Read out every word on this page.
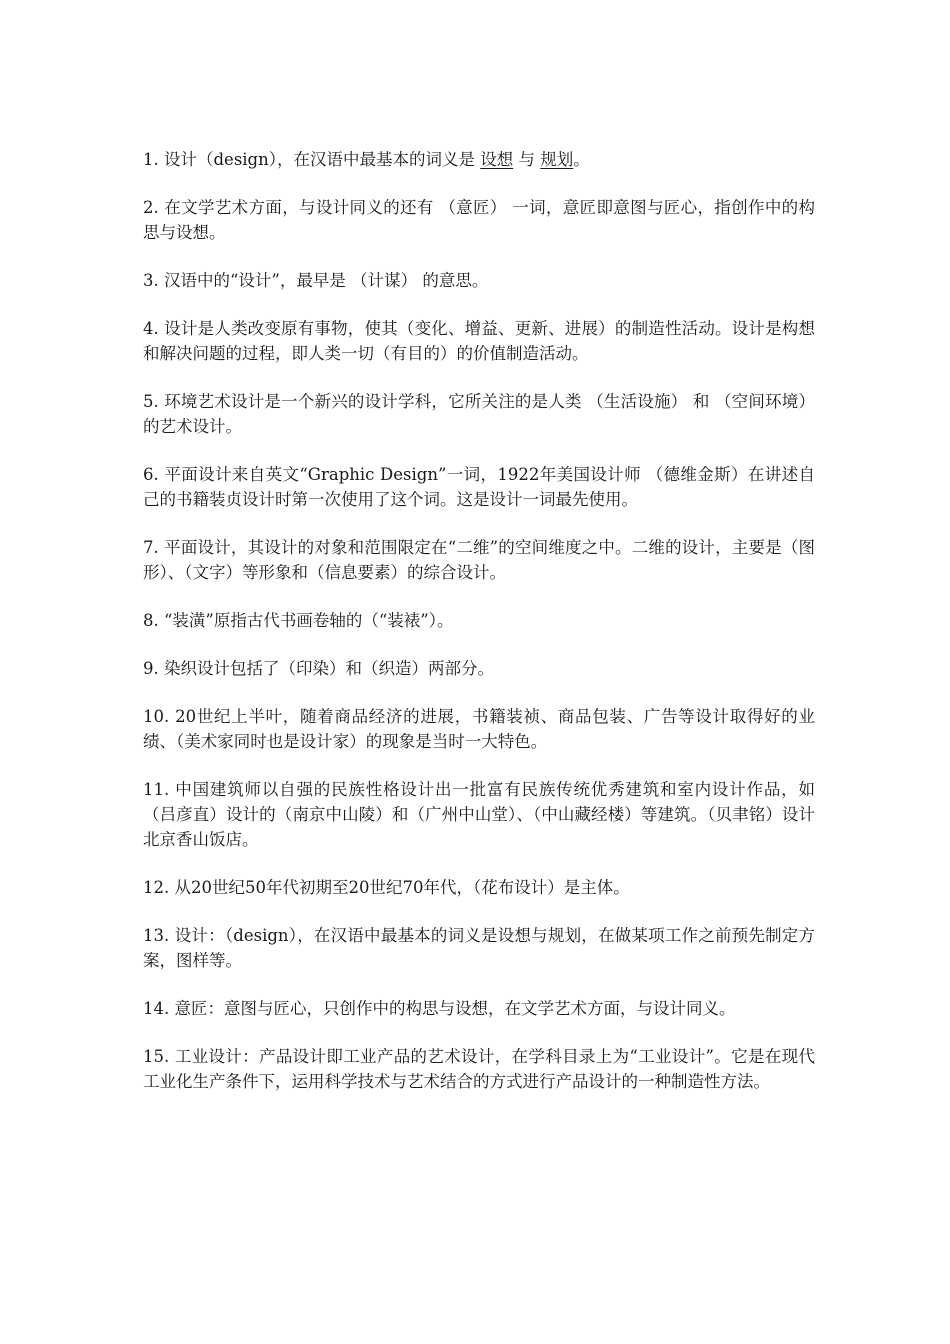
1. 设计（design），在汉语中最基本的词义是 设想 与 规划。

2. 在文学艺术方面，与设计同义的还有 （意匠） 一词，意匠即意图与匠心，指创作中的构思与设想。

3. 汉语中的“设计”，最早是 （计谋） 的意思。

4. 设计是人类改变原有事物，使其（变化、增益、更新、进展）的制造性活动。设计是构想和解决问题的过程，即人类一切（有目的）的价值制造活动。

5. 环境艺术设计是一个新兴的设计学科，它所关注的是人类 （生活设施） 和 （空间环境）的艺术设计。

6. 平面设计来自英文“Graphic Design”一词，1922年美国设计师 （德维金斯）在讲述自己的书籍装贞设计时第一次使用了这个词。这是设计一词最先使用。

7. 平面设计，其设计的对象和范围限定在“二维”的空间维度之中。二维的设计，主要是（图形）、（文字）等形象和（信息要素）的综合设计。

8. “装潢”原指古代书画卷轴的（“装裱”）。

9. 染织设计包括了（印染）和（织造）两部分。

10. 20世纪上半叶，随着商品经济的进展，书籍装祯、商品包装、广告等设计取得好的业绩、（美术家同时也是设计家）的现象是当时一大特色。

11. 中国建筑师以自强的民族性格设计出一批富有民族传统优秀建筑和室内设计作品，如（吕彦直）设计的（南京中山陵）和（广州中山堂）、（中山藏经楼）等建筑。（贝聿铭）设计北京香山饭店。

12. 从20世纪50年代初期至20世纪70年代，（花布设计）是主体。

13. 设计：（design），在汉语中最基本的词义是设想与规划，在做某项工作之前预先制定方案，图样等。

14. 意匠：意图与匠心，只创作中的构思与设想，在文学艺术方面，与设计同义。

15. 工业设计：产品设计即工业产品的艺术设计，在学科目录上为“工业设计”。它是在现代工业化生产条件下，运用科学技术与艺术结合的方式进行产品设计的一种制造性方法。
